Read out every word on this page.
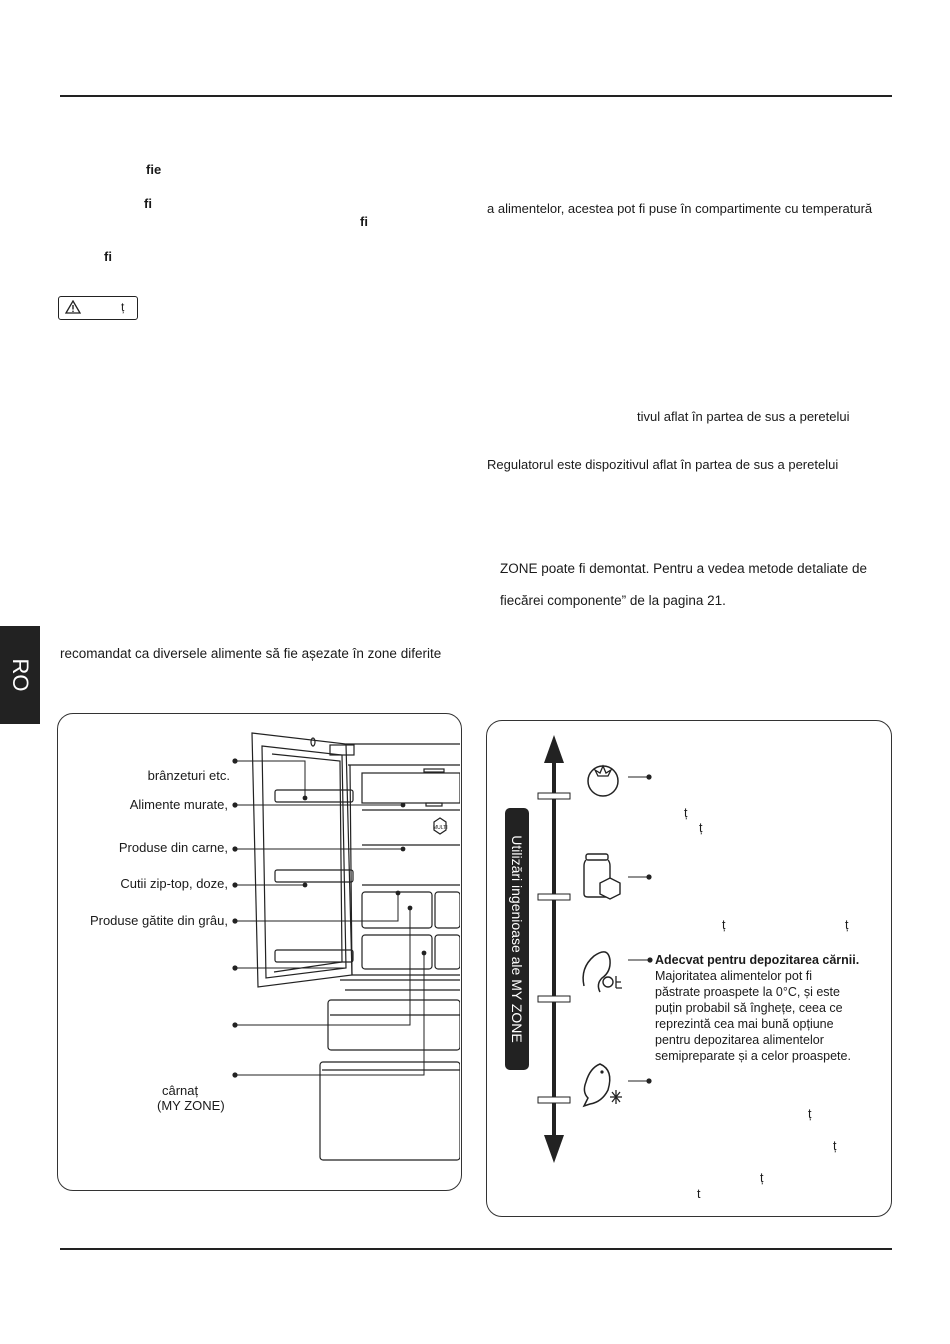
fie
fi
fi
fi
ț
recomandat ca diversele alimente să fie așezate în zone diferite
a alimentelor, acestea pot fi puse în compartimente cu temperatură
tivul aflat în partea de sus a peretelui
Regulatorul este dispozitivul aflat în partea de sus a peretelui
ZONE poate fi demontat. Pentru a vedea metode detaliate de
fiecărei componente” de la pagina 21.
RO
brânzeturi etc.
Alimente murate,
Produse din carne,
Cutii zip-top, doze,
Produse gătite din grâu,
cârnaț
(MY ZONE)
MULTI
Utilizări ingenioase ale MY ZONE
ț
ț
ț	ț
Adecvat pentru depozitarea cărnii.
Majoritatea alimentelor pot fi
păstrate proaspete la 0°C, și este
puțin probabil să înghețe, ceea ce
reprezintă cea mai bună opțiune
pentru depozitarea alimentelor
semipreparate și a celor proaspete.
ț
ț
ț
t
